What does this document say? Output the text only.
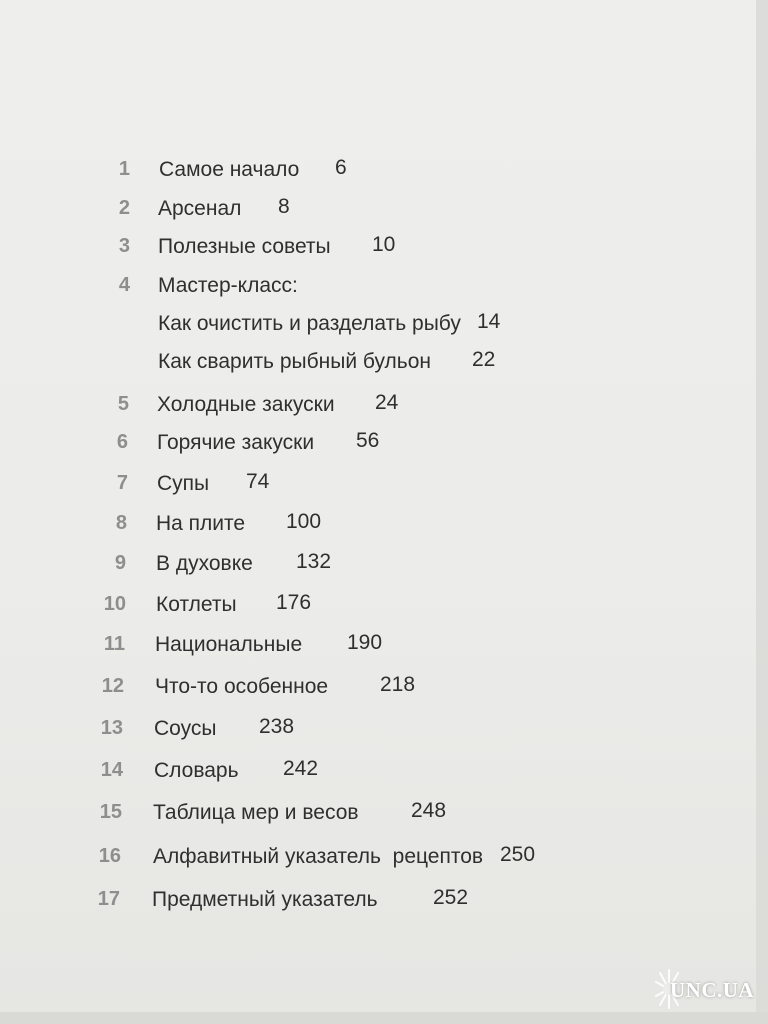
1 Самое начало 6
2 Арсенал 8
3 Полезные советы 10
4 Мастер-класс:
Как очистить и разделать рыбу 14
Как сварить рыбный бульон 22
5 Холодные закуски 24
6 Горячие закуски 56
7 Супы 74
8 На плите 100
9 В духовке 132
10 Котлеты 176
11 Национальные 190
12 Что-то особенное 218
13 Соусы 238
14 Словарь 242
15 Таблица мер и весов 248
16 Алфавитный указатель  рецептов 250
17 Предметный указатель	252
UNC.UA
